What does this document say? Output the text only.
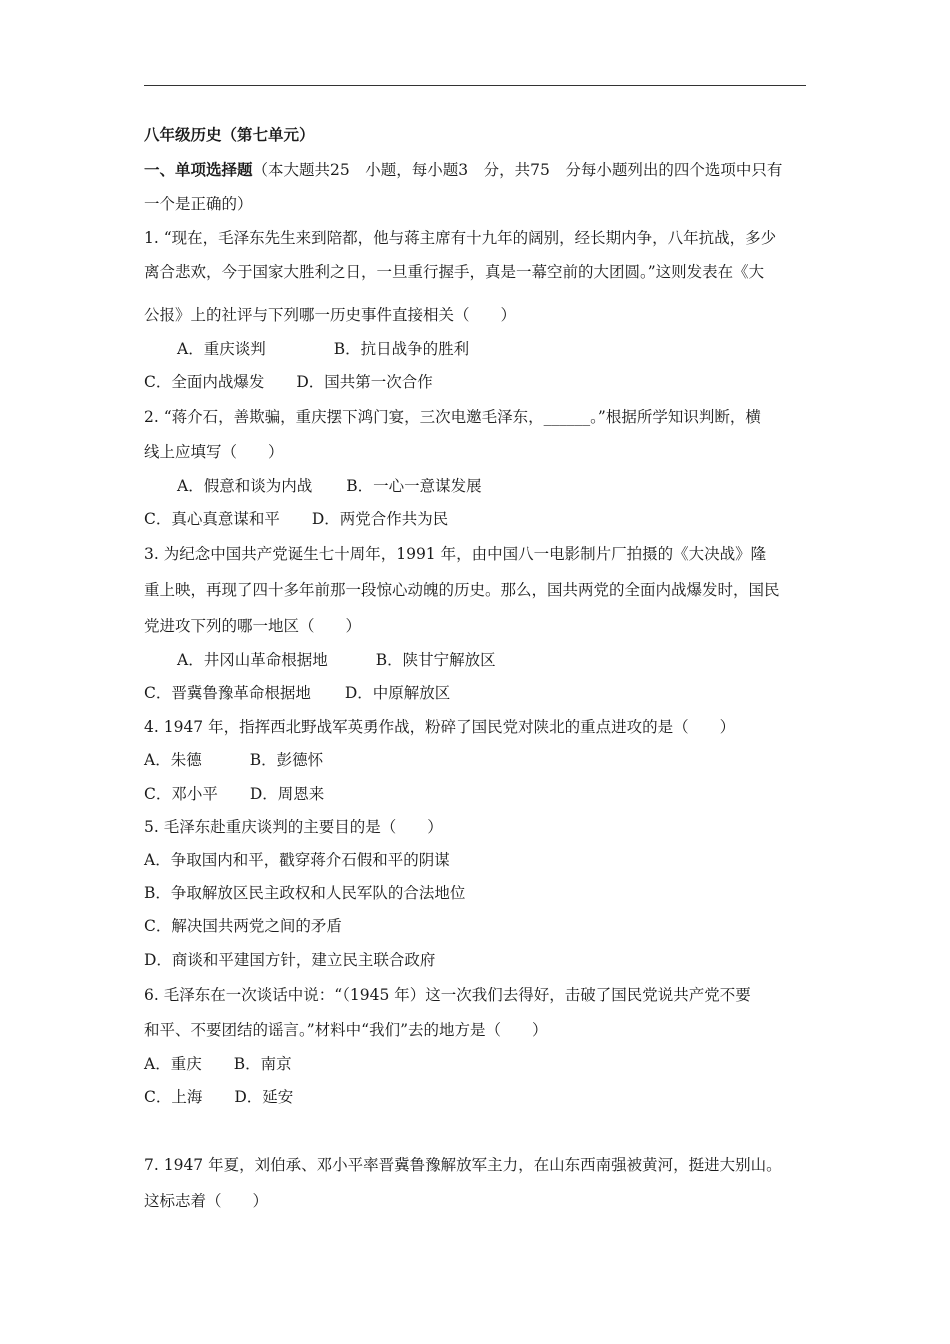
八年级历史（第七单元）
一、单项选择题（本大题共25　小题，每小题3　分，共75　分每小题列出的四个选项中只有
一个是正确的）
1. “现在，毛泽东先生来到陪都，他与蒋主席有十九年的阔别，经长期内争，八年抗战，多少
离合悲欢，今于国家大胜利之日，一旦重行握手，真是一幕空前的大团圆。”这则发表在《大
公报》上的社评与下列哪一历史事件直接相关（　　）
A．重庆谈判	B．抗日战争的胜利
C．全面内战爆发 D．国共第一次合作
2. “蒋介石，善欺骗，重庆摆下鸿门宴，三次电邀毛泽东，______。”根据所学知识判断，横
线上应填写（　　）
A．假意和谈为内战 B．一心一意谋发展
C．真心真意谋和平 D．两党合作共为民
3. 为纪念中国共产党诞生七十周年，1991 年，由中国八一电影制片厂拍摄的《大决战》隆
重上映，再现了四十多年前那一段惊心动魄的历史。那么，国共两党的全面内战爆发时，国民
党进攻下列的哪一地区（　　）
A．井冈山革命根据地	B．陕甘宁解放区
C．晋冀鲁豫革命根据地 D．中原解放区
4. 1947 年，指挥西北野战军英勇作战，粉碎了国民党对陕北的重点进攻的是（　　）
A．朱德	B．彭德怀
C．邓小平 D．周恩来
5. 毛泽东赴重庆谈判的主要目的是（　　）
A．争取国内和平，戳穿蒋介石假和平的阴谋
B．争取解放区民主政权和人民军队的合法地位
C．解决国共两党之间的矛盾
D．商谈和平建国方针，建立民主联合政府
6. 毛泽东在一次谈话中说：“（1945 年）这一次我们去得好，击破了国民党说共产党不要
和平、不要团结的谣言。”材料中“我们”去的地方是（　　）
A．重庆 B．南京
C．上海 D．延安
7. 1947 年夏，刘伯承、邓小平率晋冀鲁豫解放军主力，在山东西南强被黄河，挺进大别山。
这标志着（　　）
